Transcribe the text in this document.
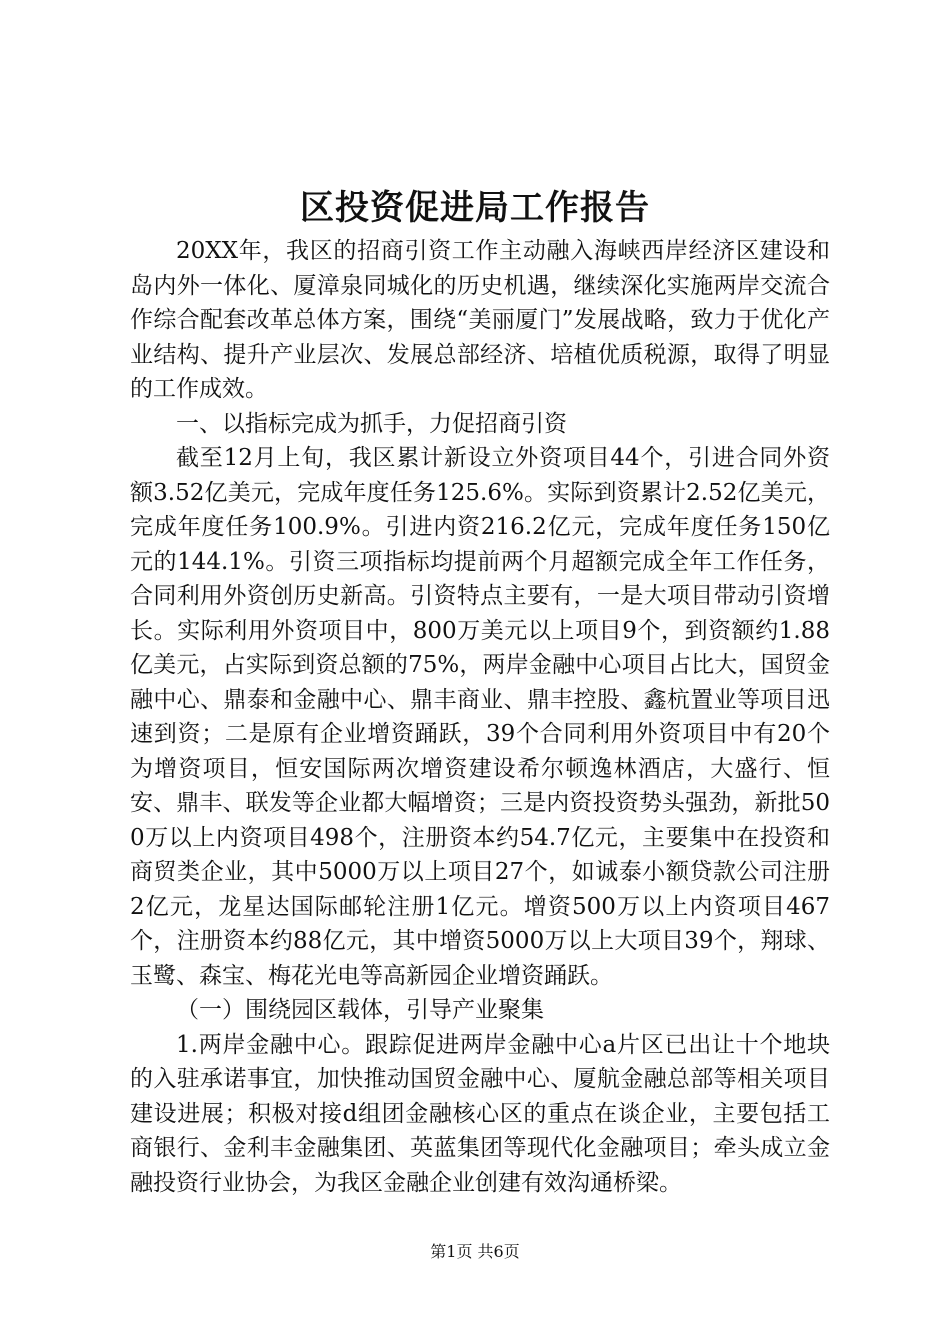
区投资促进局工作报告

20XX年，我区的招商引资工作主动融入海峡西岸经济区建设和岛内外一体化、厦漳泉同城化的历史机遇，继续深化实施两岸交流合作综合配套改革总体方案，围绕“美丽厦门”发展战略，致力于优化产业结构、提升产业层次、发展总部经济、培植优质税源，取得了明显的工作成效。

一、以指标完成为抓手，力促招商引资

截至12月上旬，我区累计新设立外资项目44个，引进合同外资额3.52亿美元，完成年度任务125.6%。实际到资累计2.52亿美元，完成年度任务100.9%。引进内资216.2亿元，完成年度任务150亿元的144.1%。引资三项指标均提前两个月超额完成全年工作任务，合同利用外资创历史新高。引资特点主要有，一是大项目带动引资增长。实际利用外资项目中，800万美元以上项目9个，到资额约1.88亿美元，占实际到资总额的75%，两岸金融中心项目占比大，国贸金融中心、鼎泰和金融中心、鼎丰商业、鼎丰控股、鑫杭置业等项目迅速到资；二是原有企业增资踊跃，39个合同利用外资项目中有20个为增资项目，恒安国际两次增资建设希尔顿逸林酒店，大盛行、恒安、鼎丰、联发等企业都大幅增资；三是内资投资势头强劲，新批500万以上内资项目498个，注册资本约54.7亿元，主要集中在投资和商贸类企业，其中5000万以上项目27个，如诚泰小额贷款公司注册2亿元，龙星达国际邮轮注册1亿元。增资500万以上内资项目467个，注册资本约88亿元，其中增资5000万以上大项目39个，翔球、玉鹭、森宝、梅花光电等高新园企业增资踊跃。

（一）围绕园区载体，引导产业聚集

1.两岸金融中心。跟踪促进两岸金融中心a片区已出让十个地块的入驻承诺事宜，加快推动国贸金融中心、厦航金融总部等相关项目建设进展；积极对接d组团金融核心区的重点在谈企业，主要包括工商银行、金利丰金融集团、英蓝集团等现代化金融项目；牵头成立金融投资行业协会，为我区金融企业创建有效沟通桥梁。

第1页 共6页
